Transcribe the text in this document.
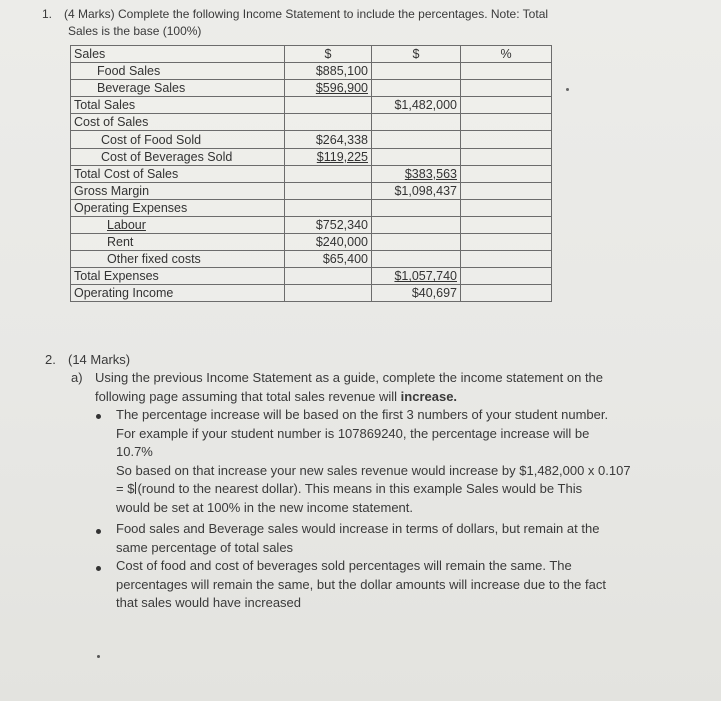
1. (4 Marks) Complete the following Income Statement to include the percentages. Note: Total
Sales is the base (100%)
Sales	$	$	%
Food Sales	$885,100		
Beverage Sales	$596,900		
Total Sales		$1,482,000	
Cost of Sales			
Cost of Food Sold	$264,338		
Cost of Beverages Sold	$119,225		
Total Cost of Sales		$383,563	
Gross Margin		$1,098,437	
Operating Expenses			
Labour	$752,340		
Rent	$240,000		
Other fixed costs	$65,400		
Total Expenses		$1,057,740	
Operating Income		$40,697	
2. (14 Marks)
a) Using the previous Income Statement as a guide, complete the income statement on the
following page assuming that total sales revenue will increase.
The percentage increase will be based on the first 3 numbers of your student number.
For example if your student number is 107869240, the percentage increase will be
10.7%
So based on that increase your new sales revenue would increase by $1,482,000 x 0.107
= $ (round to the nearest dollar). This means in this example Sales would be This
would be set at 100% in the new income statement.
Food sales and Beverage sales would increase in terms of dollars, but remain at the
same percentage of total sales
Cost of food and cost of beverages sold percentages will remain the same. The
percentages will remain the same, but the dollar amounts will increase due to the fact
that sales would have increased
